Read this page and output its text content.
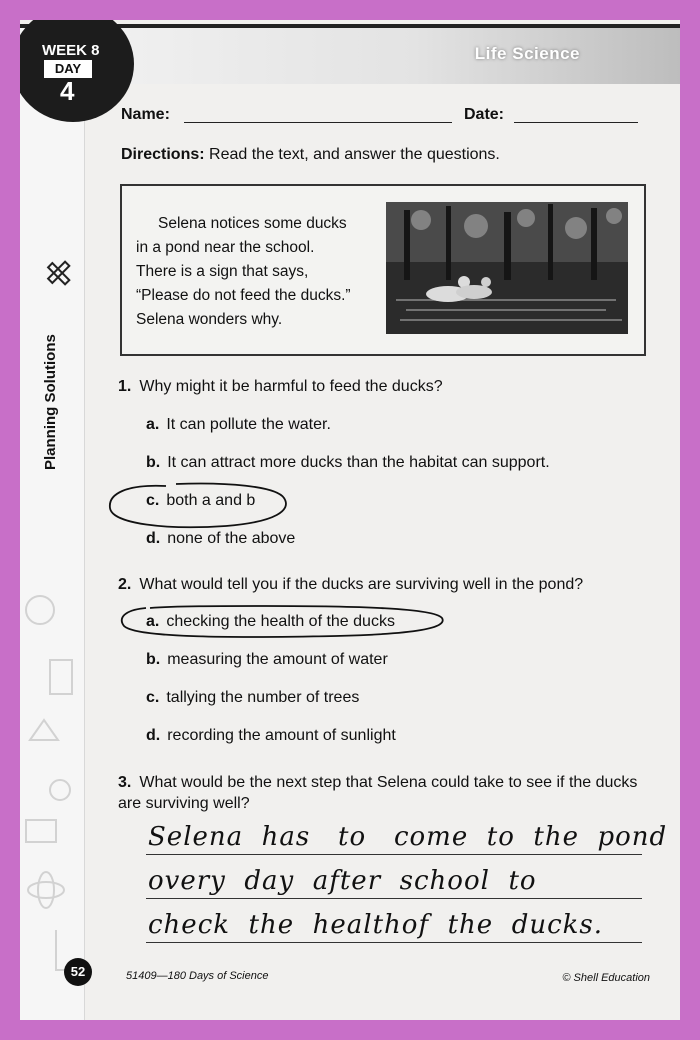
Life Science
Planning Solutions
WEEK 8
DAY
4
Name:	Date:
Directions: Read the text, and answer the questions.
Selena notices some ducks
in a pond near the school.
There is a sign that says,
“Please do not feed the ducks.”
Selena wonders why.
1. Why might it be harmful to feed the ducks?
a. It can pollute the water.
b. It can attract more ducks than the habitat can support.
c. both a and b
d. none of the above
2. What would tell you if the ducks are surviving well in the pond?
a. checking the health of the ducks
b. measuring the amount of water
c. tallying the number of trees
d. recording the amount of sunlight
3. What would be the next step that Selena could take to see if the ducks are surviving well?
Selena  has   to   come  to  the  pond
overy  day  after  school  to
check  the  healthof  the  ducks.
52	51409—180 Days of Science	© Shell Education
